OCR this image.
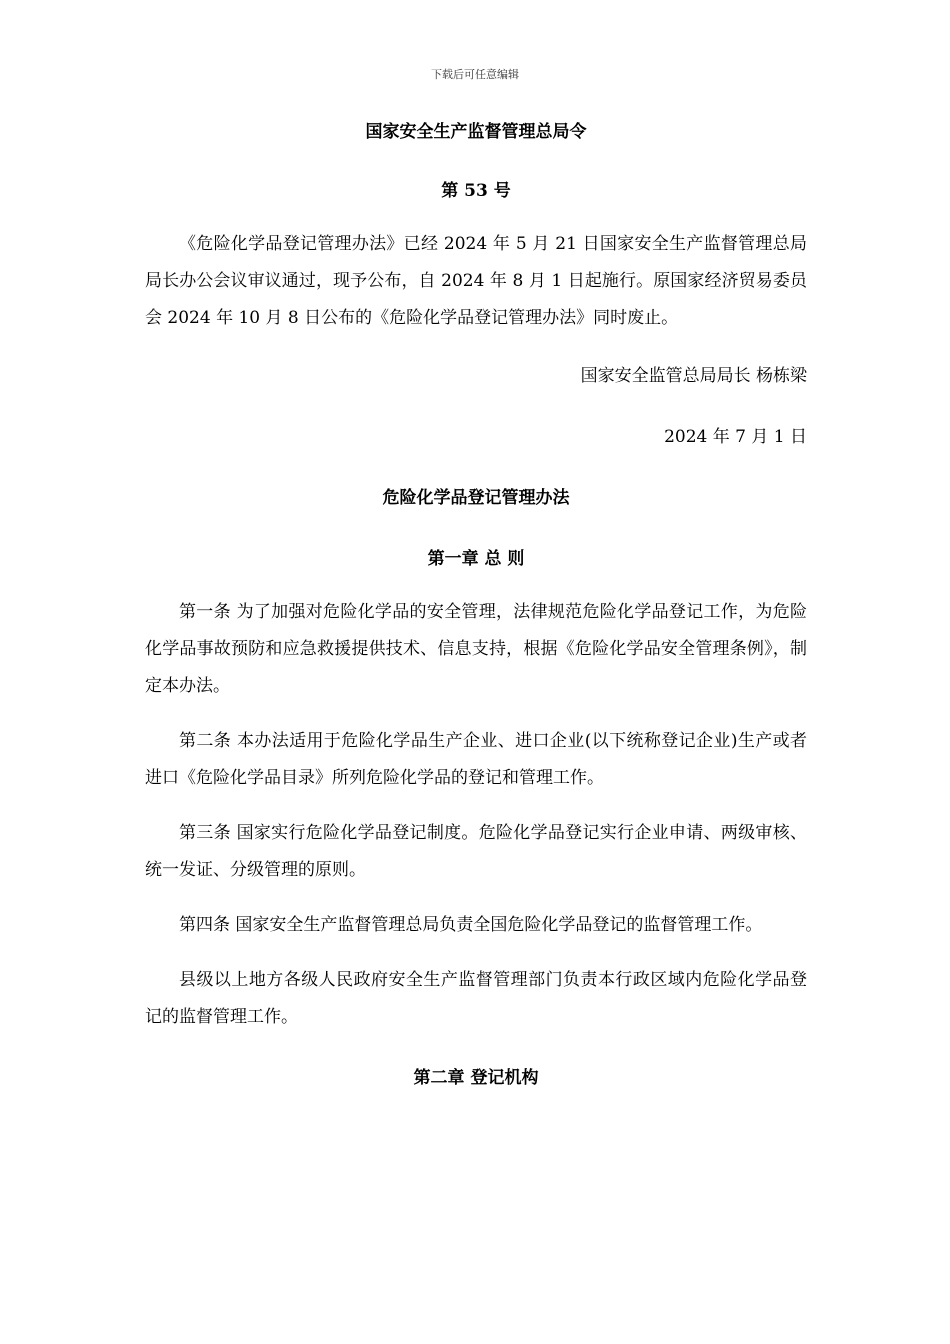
下载后可任意编辑

国家安全生产监督管理总局令

第 53 号

《危险化学品登记管理办法》已经 2024 年 5 月 21 日国家安全生产监督管理总局局长办公会议审议通过，现予公布，自 2024 年 8 月 1 日起施行。原国家经济贸易委员会 2024 年 10 月 8 日公布的《危险化学品登记管理办法》同时废止。

国家安全监管总局局长 杨栋梁

2024 年 7 月 1 日

危险化学品登记管理办法

第一章 总 则

第一条 为了加强对危险化学品的安全管理，法律规范危险化学品登记工作，为危险化学品事故预防和应急救援提供技术、信息支持，根据《危险化学品安全管理条例》，制定本办法。

第二条 本办法适用于危险化学品生产企业、进口企业(以下统称登记企业)生产或者进口《危险化学品目录》所列危险化学品的登记和管理工作。

第三条 国家实行危险化学品登记制度。危险化学品登记实行企业申请、两级审核、统一发证、分级管理的原则。

第四条 国家安全生产监督管理总局负责全国危险化学品登记的监督管理工作。

县级以上地方各级人民政府安全生产监督管理部门负责本行政区域内危险化学品登记的监督管理工作。

第二章 登记机构
